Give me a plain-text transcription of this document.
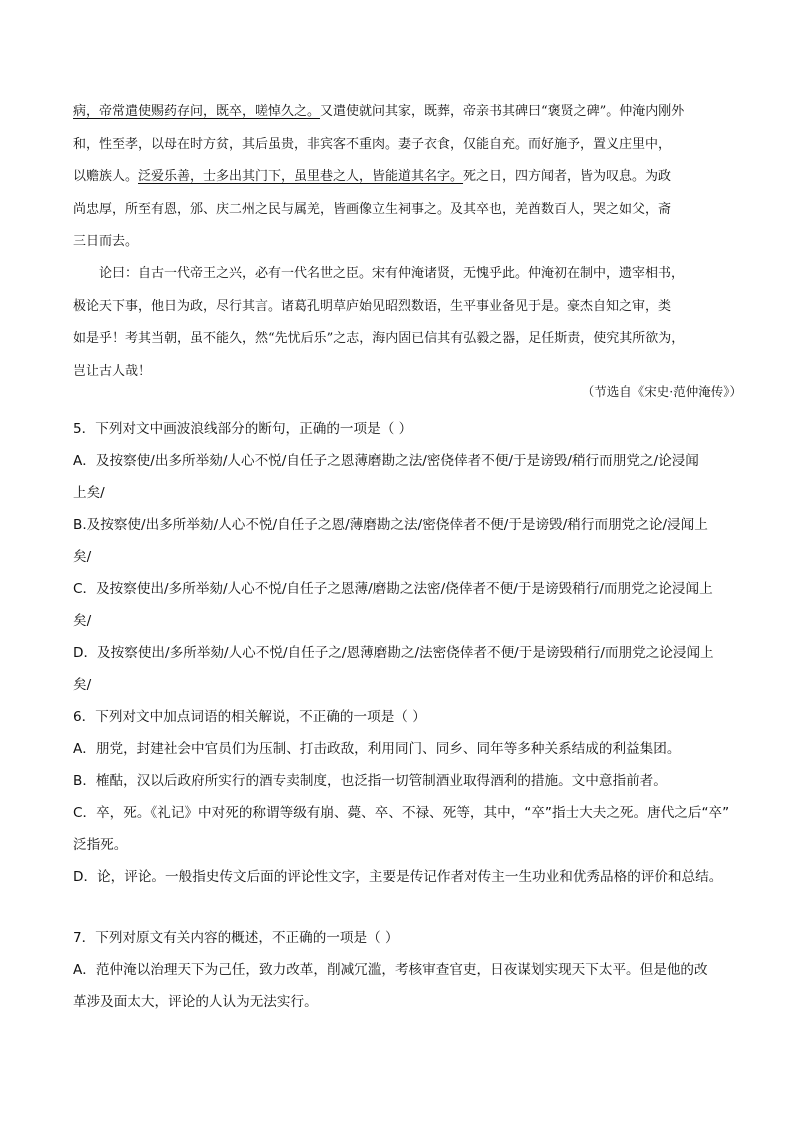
病，帝常遣使赐药存问，既卒，嗟悼久之。又遣使就问其家，既葬，帝亲书其碑曰“褒贤之碑”。仲淹内刚外
和，性至孝，以母在时方贫，其后虽贵，非宾客不重肉。妻子衣食，仅能自充。而好施予，置义庄里中，
以赡族人。泛爱乐善，士多出其门下，虽里巷之人，皆能道其名字。死之日，四方闻者，皆为叹息。为政
尚忠厚，所至有恩，邠、庆二州之民与属羌，皆画像立生祠事之。及其卒也，羌酋数百人，哭之如父，斋
三日而去。
论曰：自古一代帝王之兴，必有一代名世之臣。宋有仲淹诸贤，无愧乎此。仲淹初在制中，遗宰相书，
极论天下事，他日为政，尽行其言。诸葛孔明草庐始见昭烈数语，生平事业备见于是。豪杰自知之审，类
如是乎！考其当朝，虽不能久，然“先忧后乐”之志，海内固已信其有弘毅之器，足任斯责，使究其所欲为，
岂让古人哉！
（节选自《宋史·范仲淹传》）
5．下列对文中画波浪线部分的断句，正确的一项是（ ）
A．及按察使/出多所举劾/人心不悦/自任子之恩薄磨勘之法/密侥倖者不便/于是谤毁/稍行而朋党之/论浸闻
上矣/
B.及按察使/出多所举劾/人心不悦/自任子之恩/薄磨勘之法/密侥倖者不便/于是谤毁/稍行而朋党之论/浸闻上
矣/
C．及按察使出/多所举劾/人心不悦/自任子之恩薄/磨勘之法密/侥倖者不便/于是谤毁稍行/而朋党之论浸闻上
矣/
D．及按察使出/多所举劾/人心不悦/自任子之/恩薄磨勘之/法密侥倖者不便/于是谤毁稍行/而朋党之论浸闻上
矣/
6．下列对文中加点词语的相关解说，不正确的一项是（ ）
A．朋党，封建社会中官员们为压制、打击政敌，利用同门、同乡、同年等多种关系结成的利益集团。
B．榷酤，汉以后政府所实行的酒专卖制度，也泛指一切管制酒业取得酒利的措施。文中意指前者。
C．卒，死。《礼记》中对死的称谓等级有崩、薨、卒、不禄、死等，其中，“卒”指士大夫之死。唐代之后“卒”
泛指死。
D．论，评论。一般指史传文后面的评论性文字，主要是传记作者对传主一生功业和优秀品格的评价和总结。
7．下列对原文有关内容的概述，不正确的一项是（ ）
A．范仲淹以治理天下为己任，致力改革，削减冗滥，考核审查官吏，日夜谋划实现天下太平。但是他的改
革涉及面太大，评论的人认为无法实行。
